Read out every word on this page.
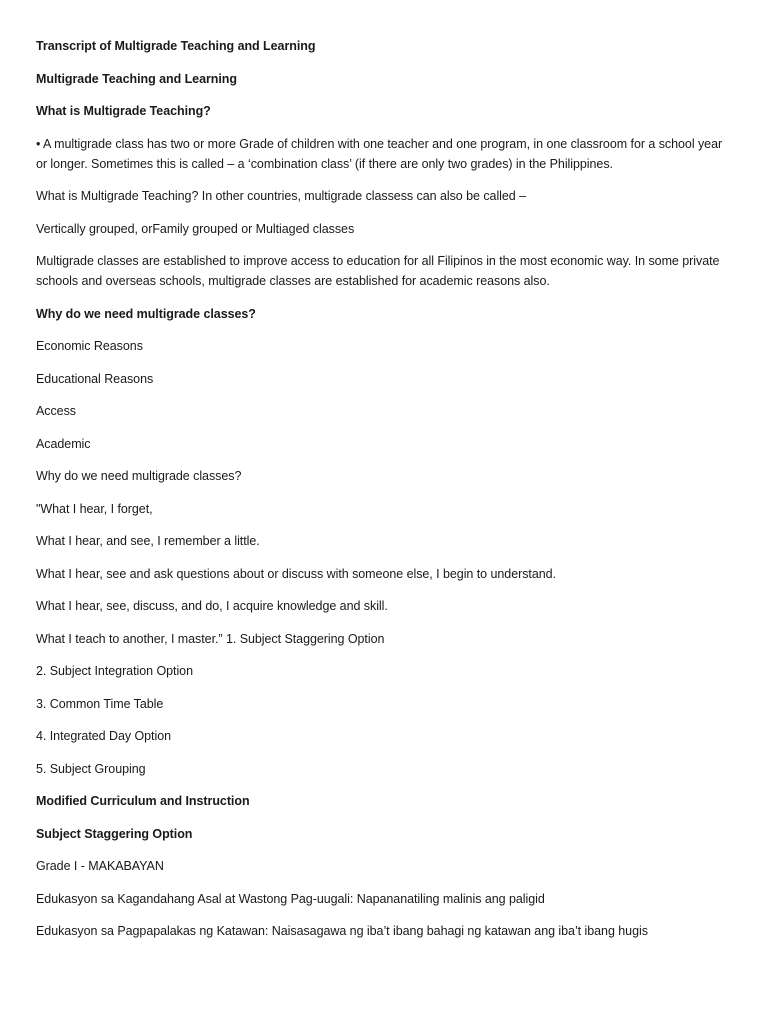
Transcript of Multigrade Teaching and Learning
Multigrade Teaching and Learning
What is Multigrade Teaching?
• A multigrade class has two or more Grade of children with one teacher and one program, in one classroom for a school year or longer. Sometimes this is called – a ‘combination class’ (if there are only two grades) in the Philippines.
What is Multigrade Teaching? In other countries, multigrade classess can also be called –
Vertically grouped, orFamily grouped or Multiaged classes
Multigrade classes are established to improve access to education for all Filipinos in the most economic way. In some private schools and overseas schools, multigrade classes are established for academic reasons also.
Why do we need multigrade classes?
Economic Reasons
Educational Reasons
Access
Academic
Why do we need multigrade classes?
"What I hear, I forget,
What I hear, and see, I remember a little.
What I hear, see and ask questions about or discuss with someone else, I begin to understand.
What I hear, see, discuss, and do, I acquire knowledge and skill.
What I teach to another, I master.” 1. Subject Staggering Option
2. Subject Integration Option
3. Common Time Table
4. Integrated Day Option
5. Subject Grouping
Modified Curriculum and Instruction
Subject Staggering Option
Grade I - MAKABAYAN
Edukasyon sa Kagandahang Asal at Wastong Pag-uugali: Napananatiling malinis ang paligid
Edukasyon sa Pagpapalakas ng Katawan: Naisasagawa ng iba’t ibang bahagi ng katawan ang iba’t ibang hugis
